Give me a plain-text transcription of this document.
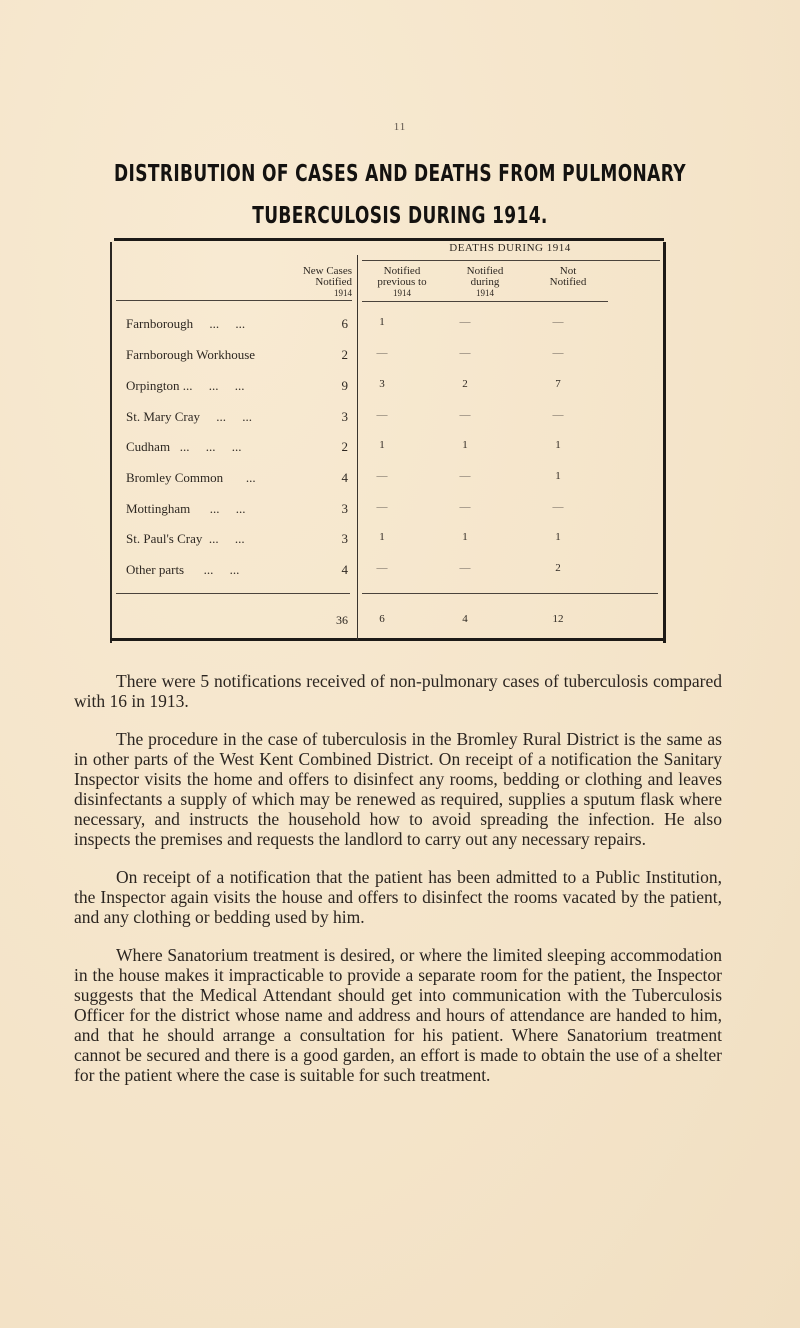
11
DISTRIBUTION OF CASES AND DEATHS FROM PULMONARY
TUBERCULOSIS DURING 1914.
DEATHS DURING 1914
New Cases
Notified
1914
Notified
previous to
1914
Notified
during
1914
Not
Notified
Farnborough     ...     ...	6	1	—	—
Farnborough Workhouse	2	—	—	—
Orpington ...     ...     ...	9	3	2	7
St. Mary Cray     ...     ...	3	—	—	—
Cudham   ...     ...     ...	2	1	1	1
Bromley Common       ...	4	—	—	1
Mottingham      ...     ...	3	—	—	—
St. Paul's Cray  ...     ...	3	1	1	1
Other parts      ...     ...	4	—	—	2
36	6	4	12

There were 5 notifications received of non-pulmonary cases of tuberculosis compared with 16 in 1913.

The procedure in the case of tuberculosis in the Bromley Rural District is the same as in other parts of the West Kent Combined District. On receipt of a notification the Sanitary Inspector visits the home and offers to disinfect any rooms, bedding or clothing and leaves disinfectants a supply of which may be renewed as required, supplies a sputum flask where necessary, and instructs the household how to avoid spreading the infection. He also inspects the premises and requests the landlord to carry out any necessary repairs.

On receipt of a notification that the patient has been admitted to a Public Institution, the Inspector again visits the house and offers to disinfect the rooms vacated by the patient, and any clothing or bedding used by him.

Where Sanatorium treatment is desired, or where the limited sleeping accommodation in the house makes it impracticable to provide a separate room for the patient, the Inspector suggests that the Medical Attendant should get into communication with the Tuberculosis Officer for the district whose name and address and hours of attendance are handed to him, and that he should arrange a consultation for his patient. Where Sanatorium treatment cannot be secured and there is a good garden, an effort is made to obtain the use of a shelter for the patient where the case is suitable for such treatment.
